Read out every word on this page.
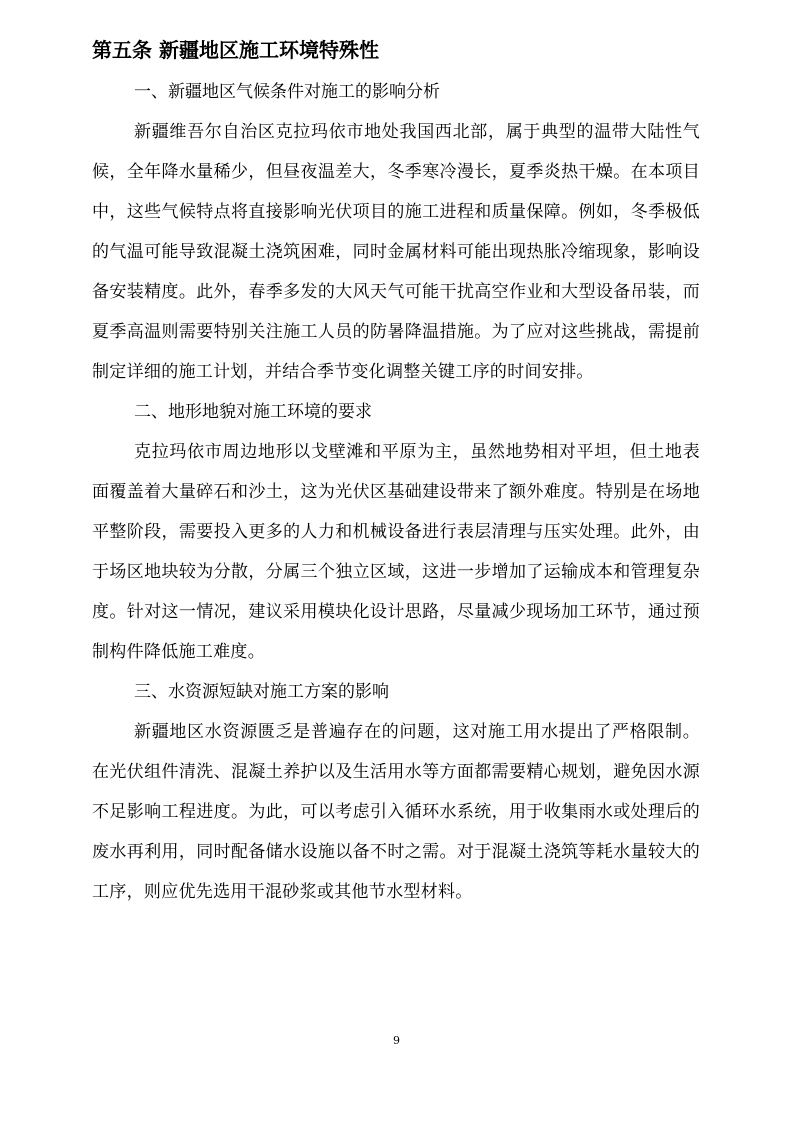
第五条 新疆地区施工环境特殊性
一、新疆地区气候条件对施工的影响分析

新疆维吾尔自治区克拉玛依市地处我国西北部，属于典型的温带大陆性气候，全年降水量稀少，但昼夜温差大，冬季寒冷漫长，夏季炎热干燥。在本项目中，这些气候特点将直接影响光伏项目的施工进程和质量保障。例如，冬季极低的气温可能导致混凝土浇筑困难，同时金属材料可能出现热胀冷缩现象，影响设备安装精度。此外，春季多发的大风天气可能干扰高空作业和大型设备吊装，而夏季高温则需要特别关注施工人员的防暑降温措施。为了应对这些挑战，需提前制定详细的施工计划，并结合季节变化调整关键工序的时间安排。

二、地形地貌对施工环境的要求

克拉玛依市周边地形以戈壁滩和平原为主，虽然地势相对平坦，但土地表面覆盖着大量碎石和沙土，这为光伏区基础建设带来了额外难度。特别是在场地平整阶段，需要投入更多的人力和机械设备进行表层清理与压实处理。此外，由于场区地块较为分散，分属三个独立区域，这进一步增加了运输成本和管理复杂度。针对这一情况，建议采用模块化设计思路，尽量减少现场加工环节，通过预制构件降低施工难度。

三、水资源短缺对施工方案的影响

新疆地区水资源匮乏是普遍存在的问题，这对施工用水提出了严格限制。在光伏组件清洗、混凝土养护以及生活用水等方面都需要精心规划，避免因水源不足影响工程进度。为此，可以考虑引入循环水系统，用于收集雨水或处理后的废水再利用，同时配备储水设施以备不时之需。对于混凝土浇筑等耗水量较大的工序，则应优先选用干混砂浆或其他节水型材料。

9
